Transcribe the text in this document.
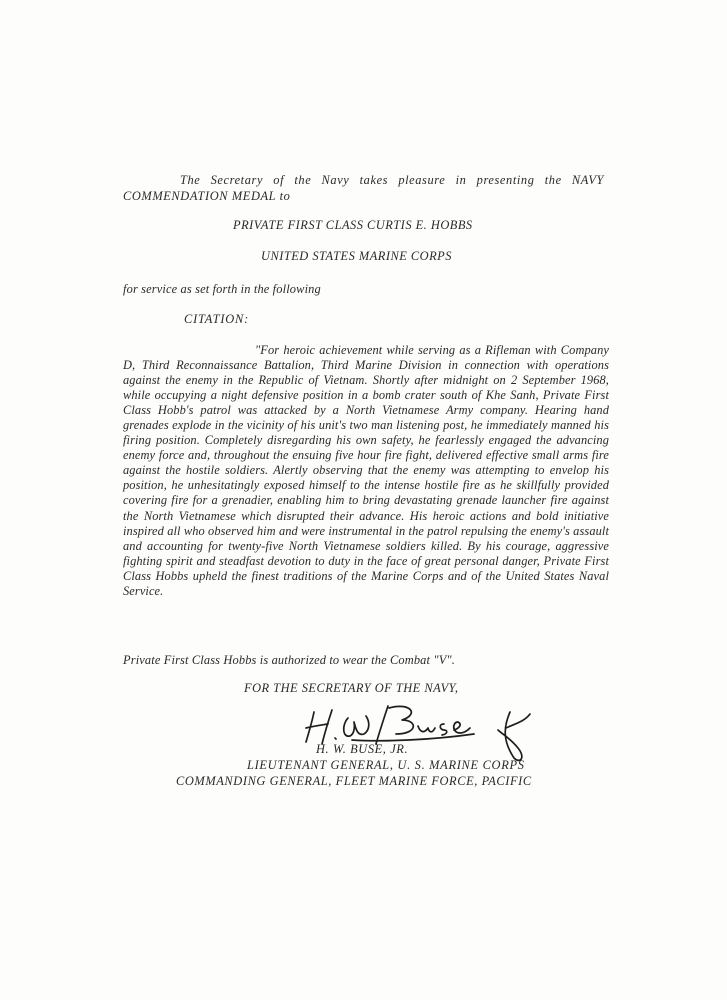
The Secretary of the Navy takes pleasure in presenting the NAVY
COMMENDATION MEDAL to
PRIVATE FIRST CLASS CURTIS E. HOBBS
UNITED STATES MARINE CORPS
for service as set forth in the following
CITATION:

"For heroic achievement while serving as a Rifleman with Company D, Third Reconnaissance Battalion, Third Marine Division in connection with operations against the enemy in the Republic of Vietnam. Shortly after midnight on 2 September 1968, while occupying a night defensive position in a bomb crater south of Khe Sanh, Private First Class Hobb's patrol was attacked by a North Vietnamese Army company. Hearing hand grenades explode in the vicinity of his unit's two man listening post, he immediately manned his firing position. Completely disregarding his own safety, he fearlessly engaged the advancing enemy force and, throughout the ensuing five hour fire fight, delivered effective small arms fire against the hostile soldiers. Alertly observing that the enemy was attempting to envelop his position, he unhesitatingly exposed himself to the intense hostile fire as he skillfully provided covering fire for a grenadier, enabling him to bring devastating grenade launcher fire against the North Vietnamese which disrupted their advance. His heroic actions and bold initiative inspired all who observed him and were instrumental in the patrol repulsing the enemy's assault and accounting for twenty-five North Vietnamese soldiers killed. By his courage, aggressive fighting spirit and steadfast devotion to duty in the face of great personal danger, Private First Class Hobbs upheld the finest traditions of the Marine Corps and of the United States Naval Service.

Private First Class Hobbs is authorized to wear the Combat "V".
FOR THE SECRETARY OF THE NAVY,
H. W. BUSE, JR.
LIEUTENANT GENERAL, U. S. MARINE CORPS
COMMANDING GENERAL, FLEET MARINE FORCE, PACIFIC
